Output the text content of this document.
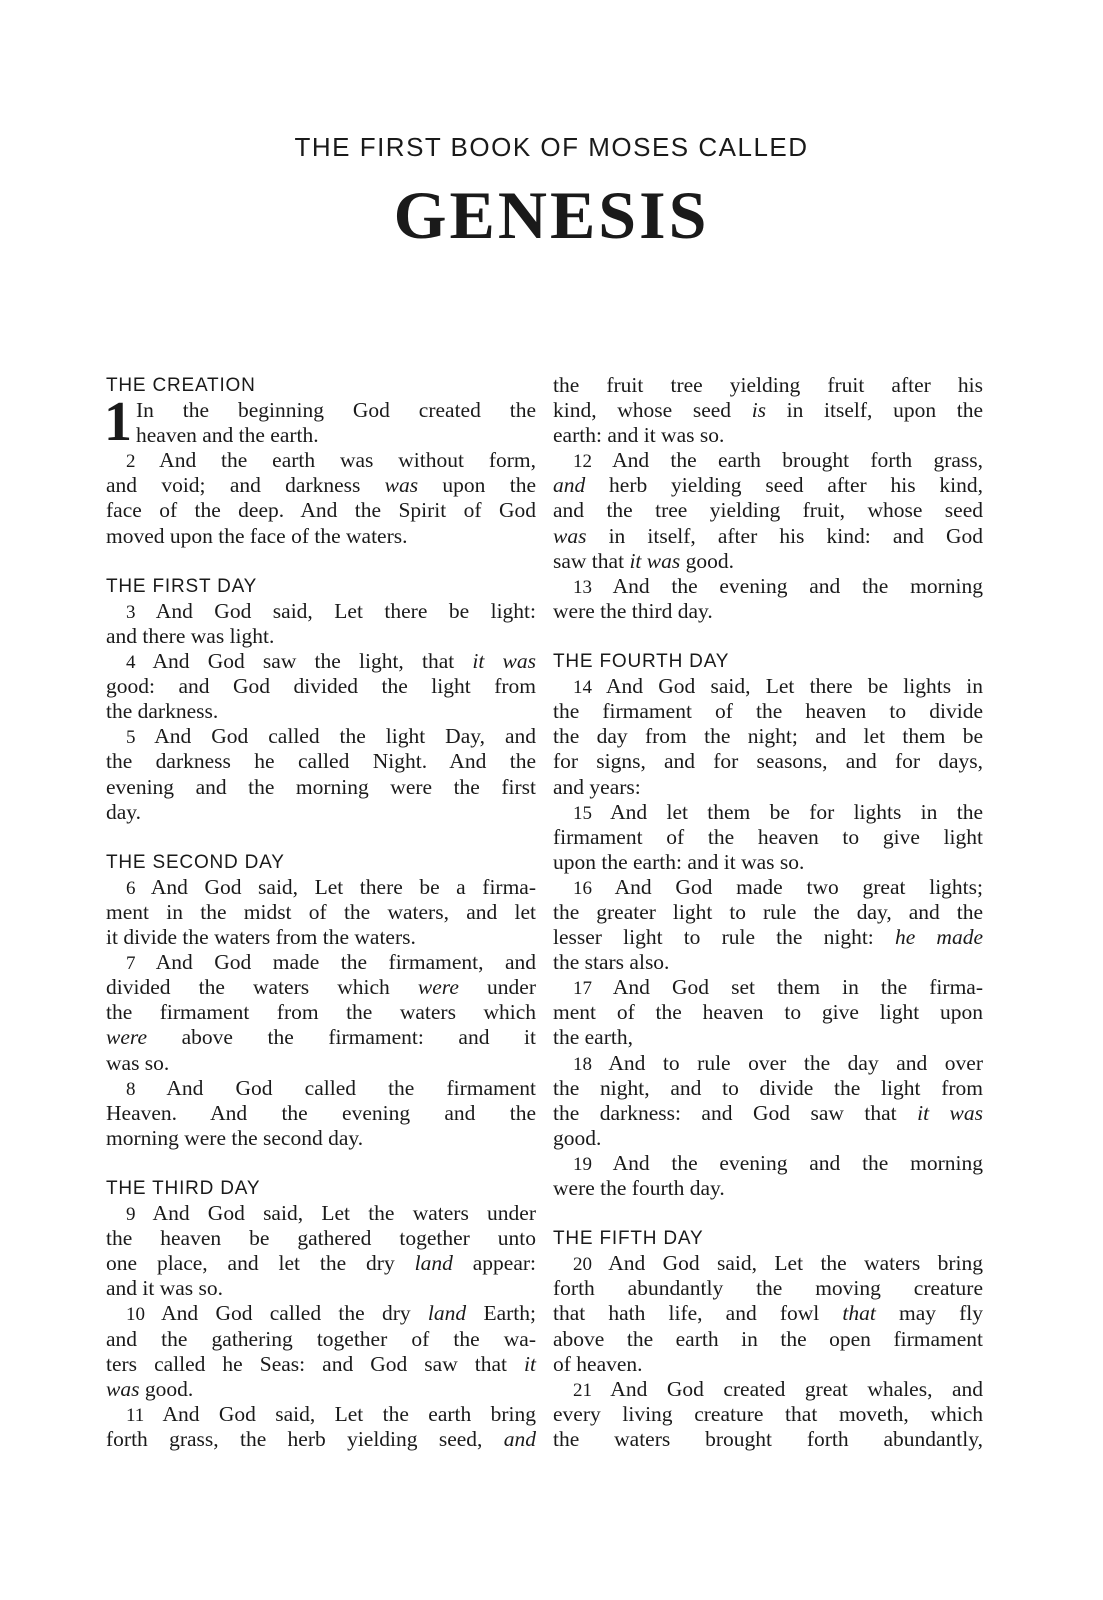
THE FIRST BOOK OF MOSES CALLED
GENESIS
1
THE CREATION
In the beginning God created the
heaven and the earth.
2 And the earth was without form,
and void; and darkness was upon the
face of the deep. And the Spirit of God
moved upon the face of the waters.
THE FIRST DAY
3 And God said, Let there be light:
and there was light.
4 And God saw the light, that it was
good: and God divided the light from
the darkness.
5 And God called the light Day, and
the darkness he called Night. And the
evening and the morning were the first
day.
THE SECOND DAY
6 And God said, Let there be a firma-
ment in the midst of the waters, and let
it divide the waters from the waters.
7 And God made the firmament, and
divided the waters which were under
the firmament from the waters which
were above the firmament: and it
was so.
8 And God called the firmament
Heaven. And the evening and the
morning were the second day.
THE THIRD DAY
9 And God said, Let the waters under
the heaven be gathered together unto
one place, and let the dry land appear:
and it was so.
10 And God called the dry land Earth;
and the gathering together of the wa-
ters called he Seas: and God saw that it
was good.
11 And God said, Let the earth bring
forth grass, the herb yielding seed, and
the fruit tree yielding fruit after his
kind, whose seed is in itself, upon the
earth: and it was so.
12 And the earth brought forth grass,
and herb yielding seed after his kind,
and the tree yielding fruit, whose seed
was in itself, after his kind: and God
saw that it was good.
13 And the evening and the morning
were the third day.
THE FOURTH DAY
14 And God said, Let there be lights in
the firmament of the heaven to divide
the day from the night; and let them be
for signs, and for seasons, and for days,
and years:
15 And let them be for lights in the
firmament of the heaven to give light
upon the earth: and it was so.
16 And God made two great lights;
the greater light to rule the day, and the
lesser light to rule the night: he made
the stars also.
17 And God set them in the firma-
ment of the heaven to give light upon
the earth,
18 And to rule over the day and over
the night, and to divide the light from
the darkness: and God saw that it was
good.
19 And the evening and the morning
were the fourth day.
THE FIFTH DAY
20 And God said, Let the waters bring
forth abundantly the moving creature
that hath life, and fowl that may fly
above the earth in the open firmament
of heaven.
21 And God created great whales, and
every living creature that moveth, which
the waters brought forth abundantly,
